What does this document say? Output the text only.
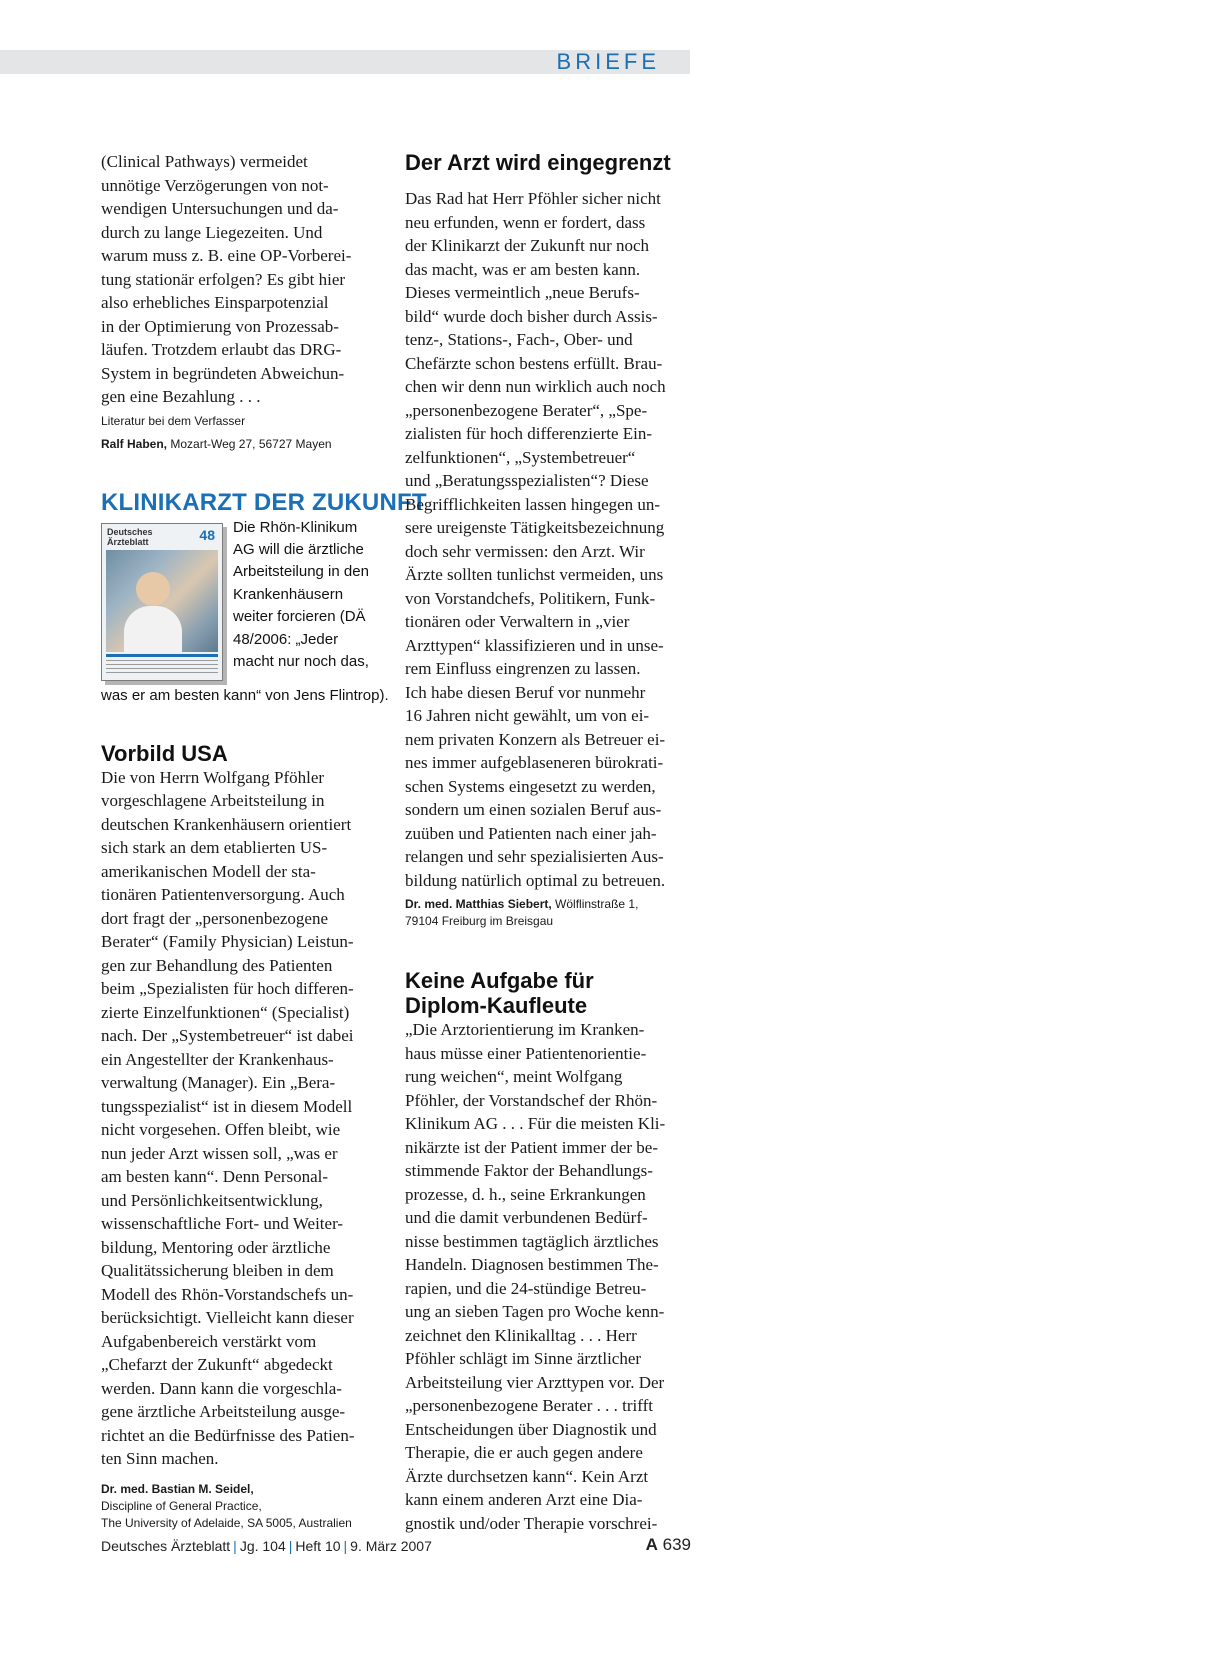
BRIEFE
(Clinical Pathways) vermeidet
unnötige Verzögerungen von not-
wendigen Untersuchungen und da-
durch zu lange Liegezeiten. Und
warum muss z. B. eine OP-Vorberei-
tung stationär erfolgen? Es gibt hier
also erhebliches Einsparpotenzial
in der Optimierung von Prozessab-
läufen. Trotzdem erlaubt das DRG-
System in begründeten Abweichun-
gen eine Bezahlung . . .
Literatur bei dem Verfasser
Ralf Haben, Mozart-Weg 27, 56727 Mayen
KLINIKARZT DER ZUKUNFT
Deutsches
Ärzteblatt	48 Die Rhön-Klinikum
AG will die ärztliche
Arbeitsteilung in den
Krankenhäusern
weiter forcieren (DÄ
48/2006: „Jeder
macht nur noch das,
was er am besten kann“ von Jens Flintrop).
Vorbild USA
Die von Herrn Wolfgang Pföhler
vorgeschlagene Arbeitsteilung in
deutschen Krankenhäusern orientiert
sich stark an dem etablierten US-
amerikanischen Modell der sta-
tionären Patientenversorgung. Auch
dort fragt der „personenbezogene
Berater“ (Family Physician) Leistun-
gen zur Behandlung des Patienten
beim „Spezialisten für hoch differen-
zierte Einzelfunktionen“ (Specialist)
nach. Der „Systembetreuer“ ist dabei
ein Angestellter der Krankenhaus-
verwaltung (Manager). Ein „Bera-
tungsspezialist“ ist in diesem Modell
nicht vorgesehen. Offen bleibt, wie
nun jeder Arzt wissen soll, „was er
am besten kann“. Denn Personal-
und Persönlichkeitsentwicklung,
wissenschaftliche Fort- und Weiter-
bildung, Mentoring oder ärztliche
Qualitätssicherung bleiben in dem
Modell des Rhön-Vorstandschefs un-
berücksichtigt. Vielleicht kann dieser
Aufgabenbereich verstärkt vom
„Chefarzt der Zukunft“ abgedeckt
werden. Dann kann die vorgeschla-
gene ärztliche Arbeitsteilung ausge-
richtet an die Bedürfnisse des Patien-
ten Sinn machen.
Dr. med. Bastian M. Seidel,
Discipline of General Practice,
The University of Adelaide, SA 5005, Australien
Der Arzt wird eingegrenzt
Das Rad hat Herr Pföhler sicher nicht
neu erfunden, wenn er fordert, dass
der Klinikarzt der Zukunft nur noch
das macht, was er am besten kann.
Dieses vermeintlich „neue Berufs-
bild“ wurde doch bisher durch Assis-
tenz-, Stations-, Fach-, Ober- und
Chefärzte schon bestens erfüllt. Brau-
chen wir denn nun wirklich auch noch
„personenbezogene Berater“, „Spe-
zialisten für hoch differenzierte Ein-
zelfunktionen“, „Systembetreuer“
und „Beratungsspezialisten“? Diese
Begrifflichkeiten lassen hingegen un-
sere ureigenste Tätigkeitsbezeichnung
doch sehr vermissen: den Arzt. Wir
Ärzte sollten tunlichst vermeiden, uns
von Vorstandchefs, Politikern, Funk-
tionären oder Verwaltern in „vier
Arzttypen“ klassifizieren und in unse-
rem Einfluss eingrenzen zu lassen.
Ich habe diesen Beruf vor nunmehr
16 Jahren nicht gewählt, um von ei-
nem privaten Konzern als Betreuer ei-
nes immer aufgeblaseneren bürokrati-
schen Systems eingesetzt zu werden,
sondern um einen sozialen Beruf aus-
zuüben und Patienten nach einer jah-
relangen und sehr spezialisierten Aus-
bildung natürlich optimal zu betreuen.
Dr. med. Matthias Siebert, Wölflinstraße 1,
79104 Freiburg im Breisgau
Keine Aufgabe für
Diplom-Kaufleute
„Die Arztorientierung im Kranken-
haus müsse einer Patientenorientie-
rung weichen“, meint Wolfgang
Pföhler, der Vorstandschef der Rhön-
Klinikum AG . . . Für die meisten Kli-
nikärzte ist der Patient immer der be-
stimmende Faktor der Behandlungs-
prozesse, d. h., seine Erkrankungen
und die damit verbundenen Bedürf-
nisse bestimmen tagtäglich ärztliches
Handeln. Diagnosen bestimmen The-
rapien, und die 24-stündige Betreu-
ung an sieben Tagen pro Woche kenn-
zeichnet den Klinikalltag . . . Herr
Pföhler schlägt im Sinne ärztlicher
Arbeitsteilung vier Arzttypen vor. Der
„personenbezogene Berater . . . trifft
Entscheidungen über Diagnostik und
Therapie, die er auch gegen andere
Ärzte durchsetzen kann“. Kein Arzt
kann einem anderen Arzt eine Dia-
gnostik und/oder Therapie vorschrei-
Deutsches Ärzteblatt | Jg. 104 | Heft 10 | 9. März 2007	A 639
